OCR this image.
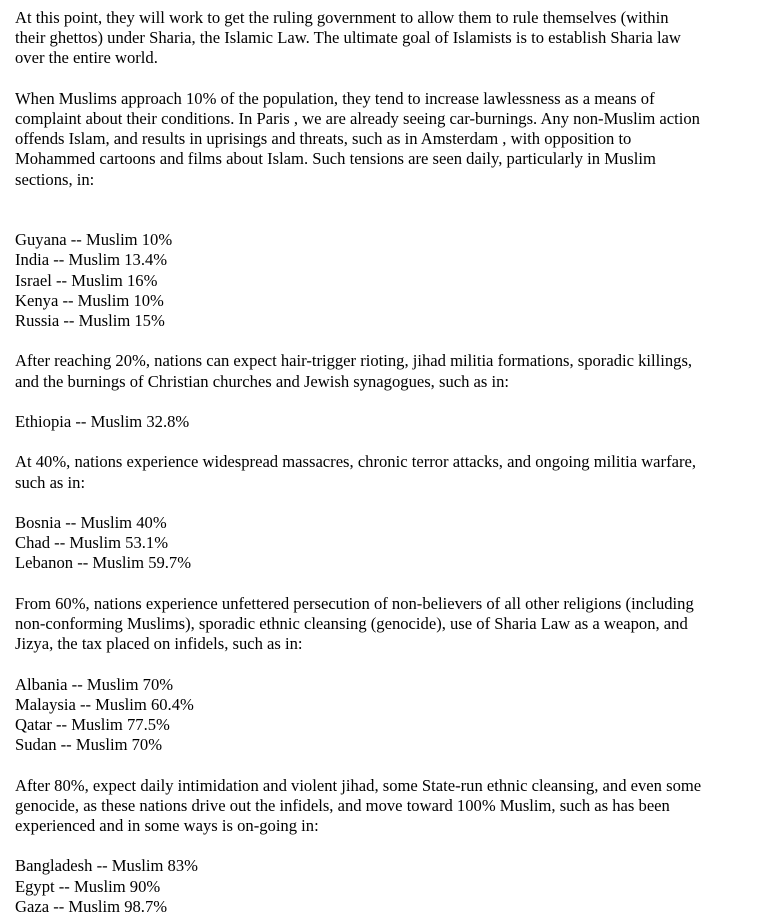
At this point, they will work to get the ruling government to allow them to rule themselves (within
their ghettos) under Sharia, the Islamic Law. The ultimate goal of Islamists is to establish Sharia law
over the entire world.

When Muslims approach 10% of the population, they tend to increase lawlessness as a means of
complaint about their conditions. In Paris , we are already seeing car-burnings. Any non-Muslim action
offends Islam, and results in uprisings and threats, such as in Amsterdam , with opposition to
Mohammed cartoons and films about Islam. Such tensions are seen daily, particularly in Muslim
sections, in:

Guyana -- Muslim 10%
India -- Muslim 13.4%
Israel -- Muslim 16%
Kenya -- Muslim 10%
Russia -- Muslim 15%

After reaching 20%, nations can expect hair-trigger rioting, jihad militia formations, sporadic killings,
and the burnings of Christian churches and Jewish synagogues, such as in:

Ethiopia -- Muslim 32.8%

At 40%, nations experience widespread massacres, chronic terror attacks, and ongoing militia warfare,
such as in:

Bosnia -- Muslim 40%
Chad -- Muslim 53.1%
Lebanon -- Muslim 59.7%

From 60%, nations experience unfettered persecution of non-believers of all other religions (including
non-conforming Muslims), sporadic ethnic cleansing (genocide), use of Sharia Law as a weapon, and
Jizya, the tax placed on infidels, such as in:

Albania -- Muslim 70%
Malaysia -- Muslim 60.4%
Qatar -- Muslim 77.5%
Sudan -- Muslim 70%

After 80%, expect daily intimidation and violent jihad, some State-run ethnic cleansing, and even some
genocide, as these nations drive out the infidels, and move toward 100% Muslim, such as has been
experienced and in some ways is on-going in:

Bangladesh -- Muslim 83%
Egypt -- Muslim 90%
Gaza -- Muslim 98.7%
